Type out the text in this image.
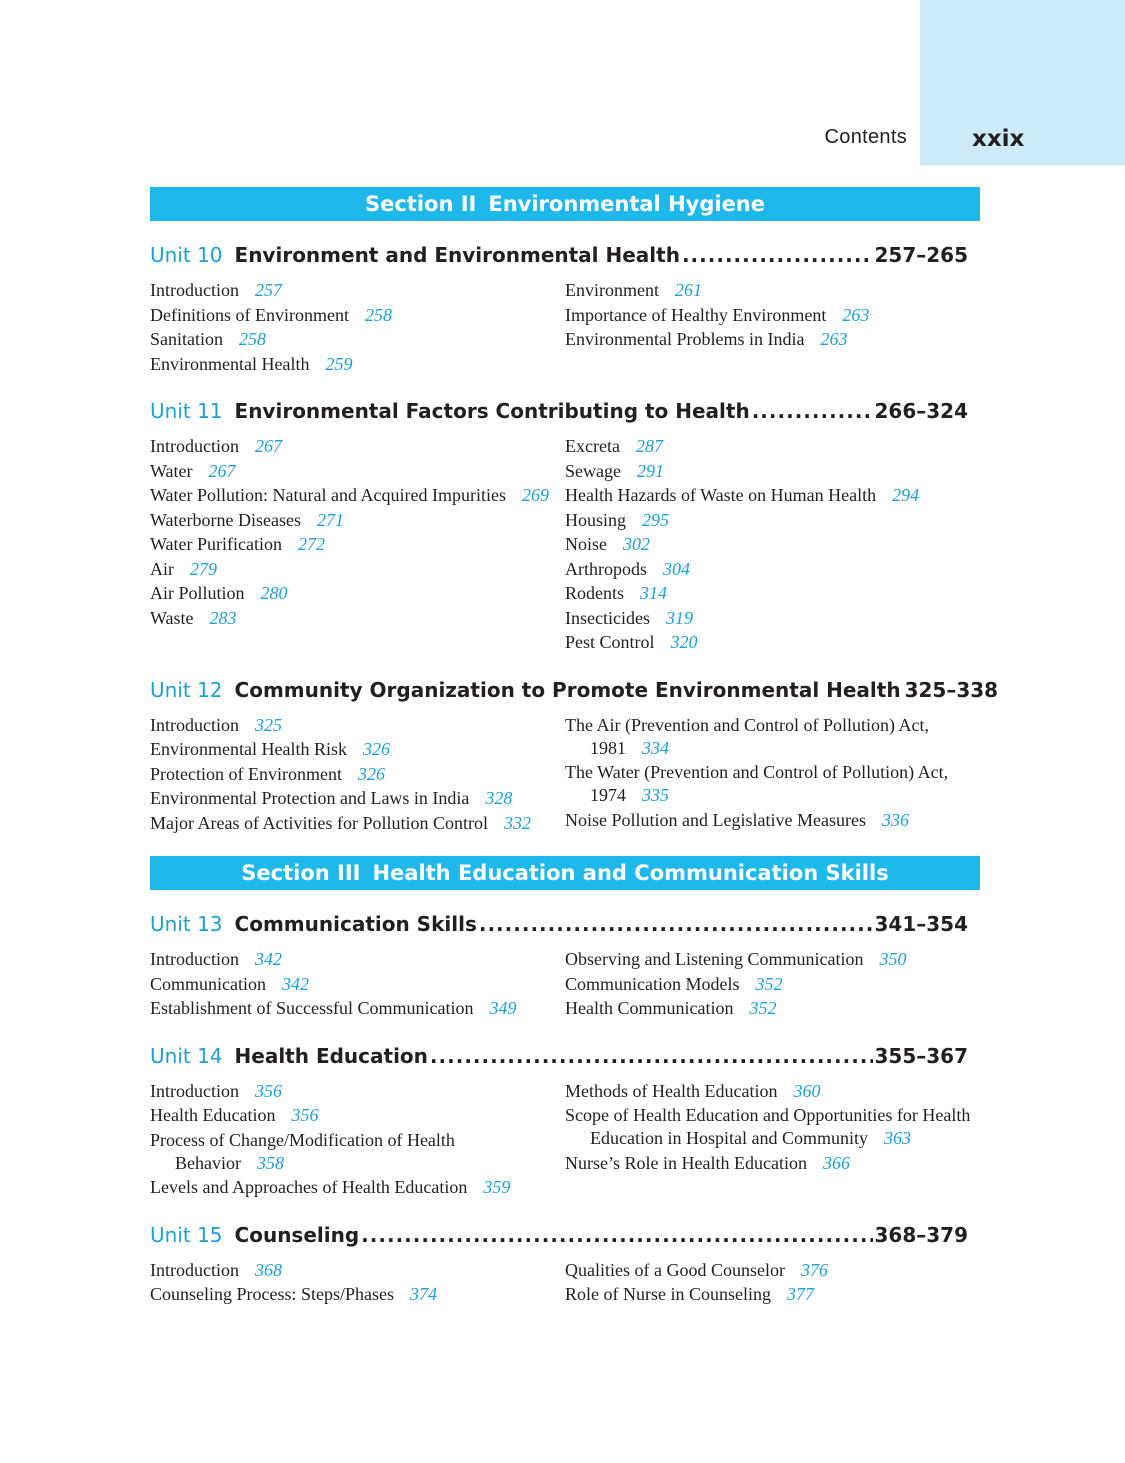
Contents	xxix
Section II Environmental Hygiene
Unit 10 Environment and Environmental Health .....	257–265
Introduction 257
Definitions of Environment 258
Sanitation 258
Environmental Health 259
Environment 261
Importance of Healthy Environment 263
Environmental Problems in India 263
Unit 11 Environmental Factors Contributing to Health .....	266–324
Introduction 267
Water 267
Water Pollution: Natural and Acquired Impurities 269
Waterborne Diseases 271
Water Purification 272
Air 279
Air Pollution 280
Waste 283
Excreta 287
Sewage 291
Health Hazards of Waste on Human Health 294
Housing 295
Noise 302
Arthropods 304
Rodents 314
Insecticides 319
Pest Control 320
Unit 12 Community Organization to Promote Environmental Health 325–338
Introduction 325
Environmental Health Risk 326
Protection of Environment 326
Environmental Protection and Laws in India 328
Major Areas of Activities for Pollution Control 332
The Air (Prevention and Control of Pollution) Act, 1981 334
The Water (Prevention and Control of Pollution) Act, 1974 335
Noise Pollution and Legislative Measures 336
Section III Health Education and Communication Skills
Unit 13 Communication Skills .....	341–354
Introduction 342
Communication 342
Establishment of Successful Communication 349
Observing and Listening Communication 350
Communication Models 352
Health Communication 352
Unit 14 Health Education .....	355–367
Introduction 356
Health Education 356
Process of Change/Modification of Health Behavior 358
Levels and Approaches of Health Education 359
Methods of Health Education 360
Scope of Health Education and Opportunities for Health Education in Hospital and Community 363
Nurse’s Role in Health Education 366
Unit 15 Counseling .....	368–379
Introduction 368
Counseling Process: Steps/Phases 374
Qualities of a Good Counselor 376
Role of Nurse in Counseling 377
